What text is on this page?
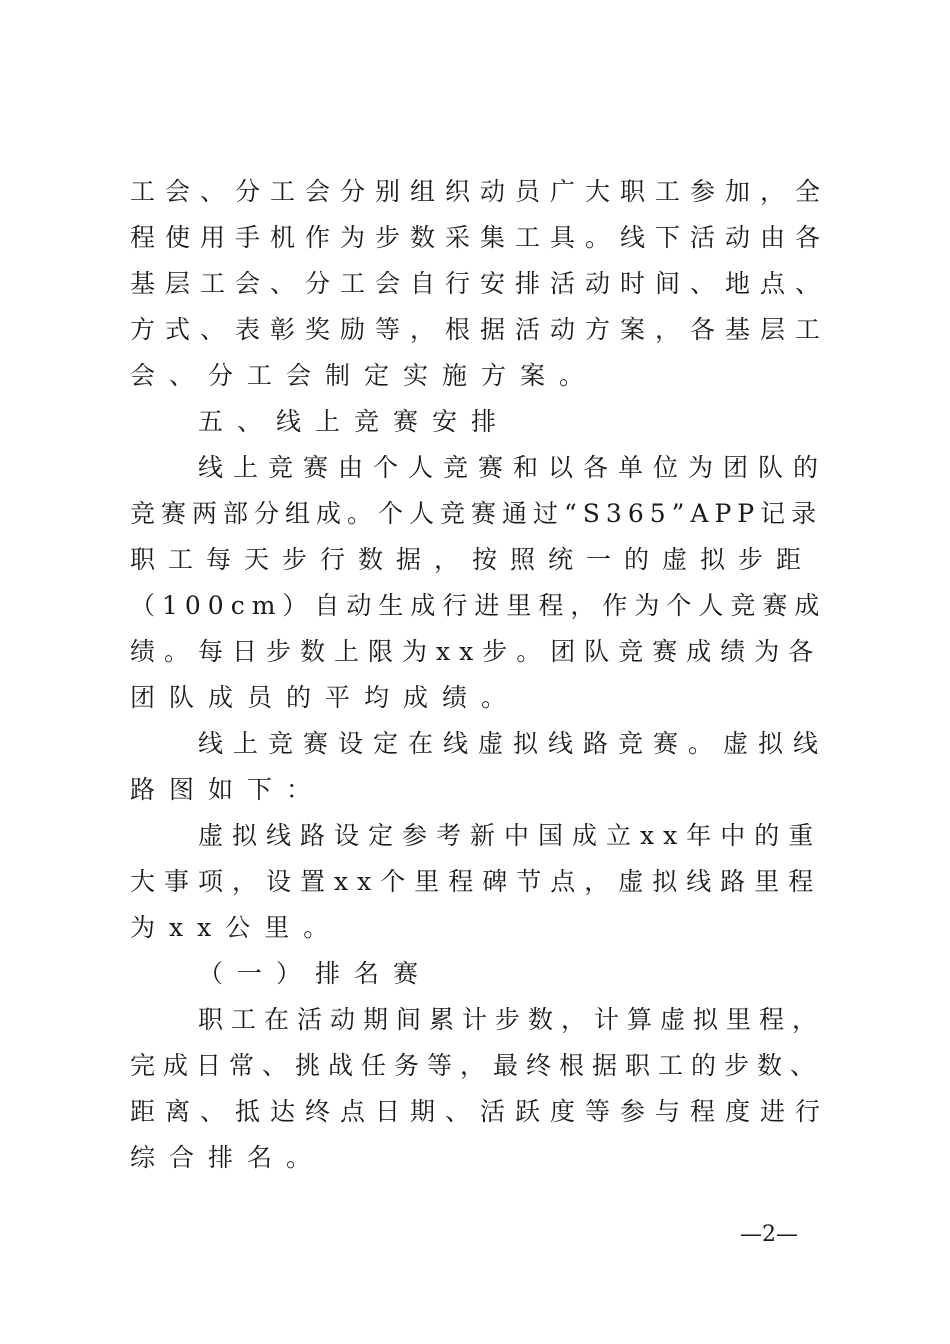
工会、分工会分别组织动员广大职工参加，全
程使用手机作为步数采集工具。线下活动由各
基层工会、分工会自行安排活动时间、地点、
方式、表彰奖励等，根据活动方案，各基层工
会、分工会制定实施方案。
五、线上竞赛安排
线上竞赛由个人竞赛和以各单位为团队的
竞赛两部分组成。个人竞赛通过“S365”APP记录
职工每天步行数据，按照统一的虚拟步距
（100cm）自动生成行进里程，作为个人竞赛成
绩。每日步数上限为xx步。团队竞赛成绩为各
团队成员的平均成绩。
线上竞赛设定在线虚拟线路竞赛。虚拟线
路图如下：
虚拟线路设定参考新中国成立xx年中的重
大事项，设置xx个里程碑节点，虚拟线路里程
为xx公里。
（一）排名赛
职工在活动期间累计步数，计算虚拟里程，
完成日常、挑战任务等，最终根据职工的步数、
距离、抵达终点日期、活跃度等参与程度进行
综合排名。
—2—
